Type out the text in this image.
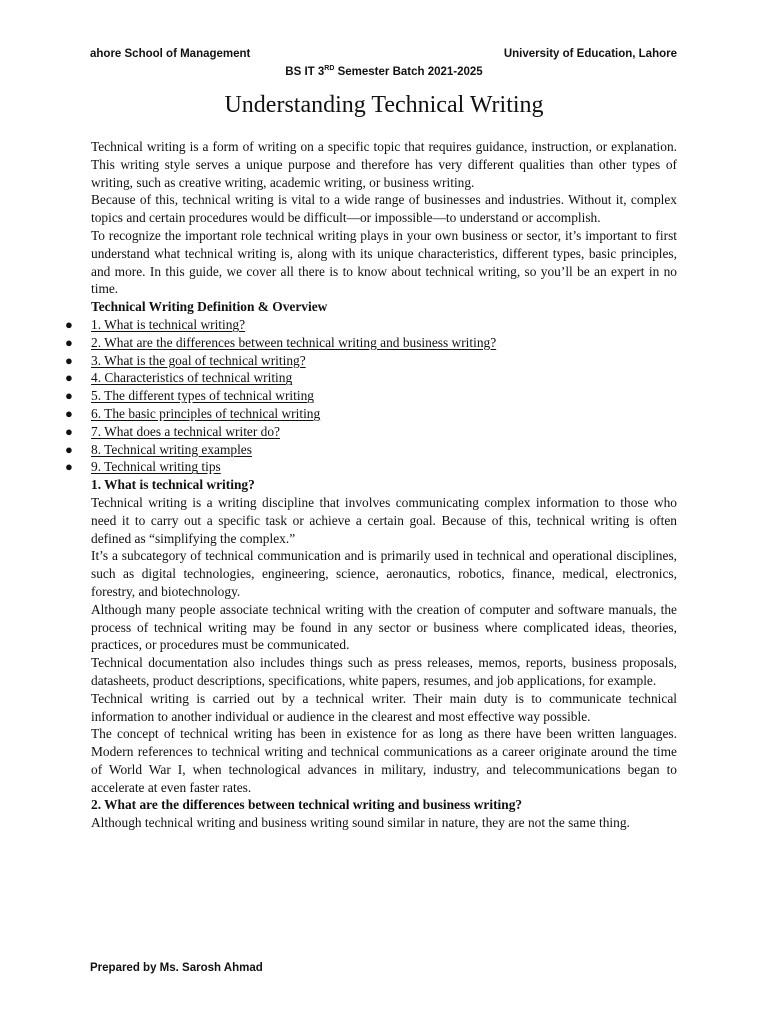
ahore School of Management	University of Education, Lahore
BS IT 3RD Semester Batch 2021-2025
Understanding Technical Writing

Technical writing is a form of writing on a specific topic that requires guidance, instruction, or explanation. This writing style serves a unique purpose and therefore has very different qualities than other types of writing, such as creative writing, academic writing, or business writing.

Because of this, technical writing is vital to a wide range of businesses and industries. Without it, complex topics and certain procedures would be difficult—or impossible—to understand or accomplish.

To recognize the important role technical writing plays in your own business or sector, it’s important to first understand what technical writing is, along with its unique characteristics, different types, basic principles, and more. In this guide, we cover all there is to know about technical writing, so you’ll be an expert in no time.

Technical Writing Definition & Overview
● 1. What is technical writing?
● 2. What are the differences between technical writing and business writing?
● 3. What is the goal of technical writing?
● 4. Characteristics of technical writing
● 5. The different types of technical writing
● 6. The basic principles of technical writing
● 7. What does a technical writer do?
● 8. Technical writing examples
● 9. Technical writing tips
1. What is technical writing?

Technical writing is a writing discipline that involves communicating complex information to those who need it to carry out a specific task or achieve a certain goal. Because of this, technical writing is often defined as “simplifying the complex.”

It’s a subcategory of technical communication and is primarily used in technical and operational disciplines, such as digital technologies, engineering, science, aeronautics, robotics, finance, medical, electronics, forestry, and biotechnology.

Although many people associate technical writing with the creation of computer and software manuals, the process of technical writing may be found in any sector or business where complicated ideas, theories, practices, or procedures must be communicated.

Technical documentation also includes things such as press releases, memos, reports, business proposals, datasheets, product descriptions, specifications, white papers, resumes, and job applications, for example.

Technical writing is carried out by a technical writer. Their main duty is to communicate technical information to another individual or audience in the clearest and most effective way possible.

The concept of technical writing has been in existence for as long as there have been written languages. Modern references to technical writing and technical communications as a career originate around the time of World War I, when technological advances in military, industry, and telecommunications began to accelerate at even faster rates.

2. What are the differences between technical writing and business writing?

Although technical writing and business writing sound similar in nature, they are not the same thing.

Prepared by Ms. Sarosh Ahmad
